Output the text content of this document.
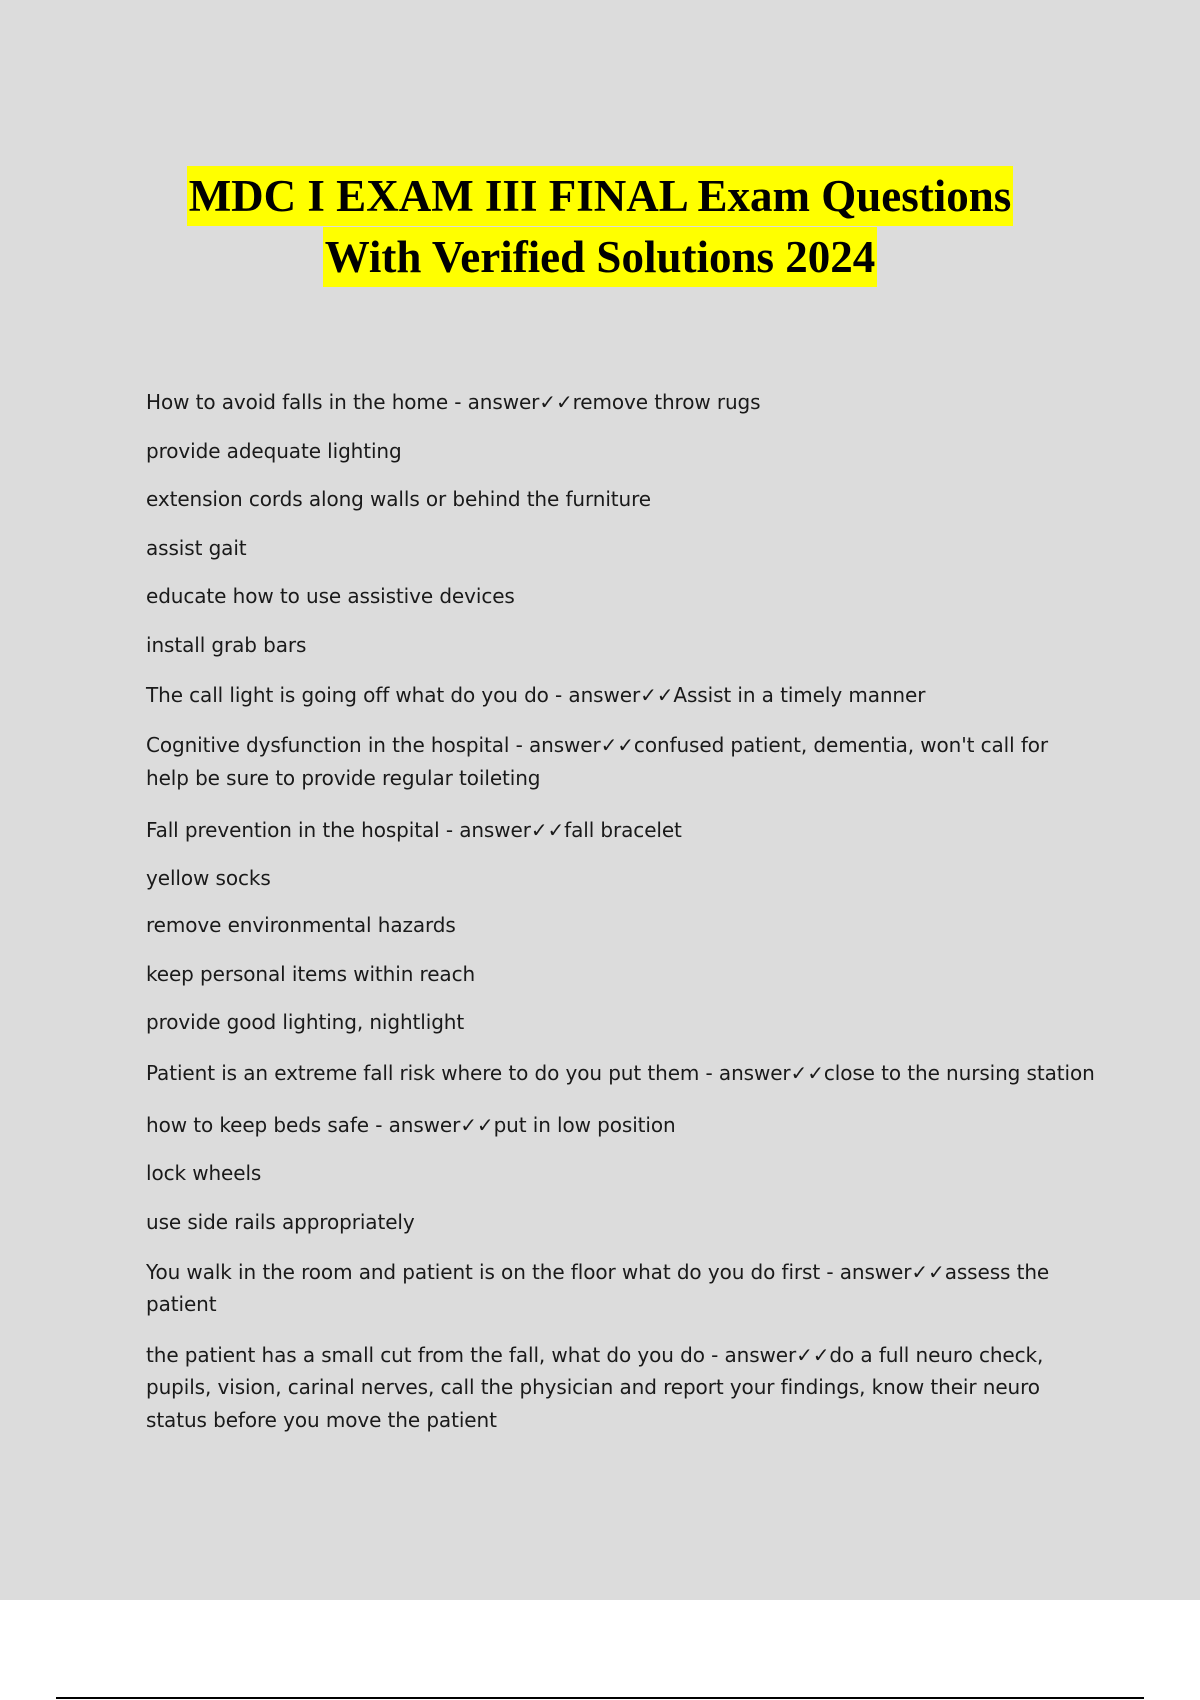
MDC I EXAM III FINAL Exam Questions
With Verified Solutions 2024
How to avoid falls in the home - answer✓✓remove throw rugs
provide adequate lighting
extension cords along walls or behind the furniture
assist gait
educate how to use assistive devices
install grab bars
The call light is going off what do you do - answer✓✓Assist in a timely manner
Cognitive dysfunction in the hospital - answer✓✓confused patient, dementia, won't call for
help be sure to provide regular toileting
Fall prevention in the hospital - answer✓✓fall bracelet
yellow socks
remove environmental hazards
keep personal items within reach
provide good lighting, nightlight
Patient is an extreme fall risk where to do you put them - answer✓✓close to the nursing station
how to keep beds safe - answer✓✓put in low position
lock wheels
use side rails appropriately
You walk in the room and patient is on the floor what do you do first - answer✓✓assess the
patient
the patient has a small cut from the fall, what do you do - answer✓✓do a full neuro check,
pupils, vision, carinal nerves, call the physician and report your findings, know their neuro
status before you move the patient
